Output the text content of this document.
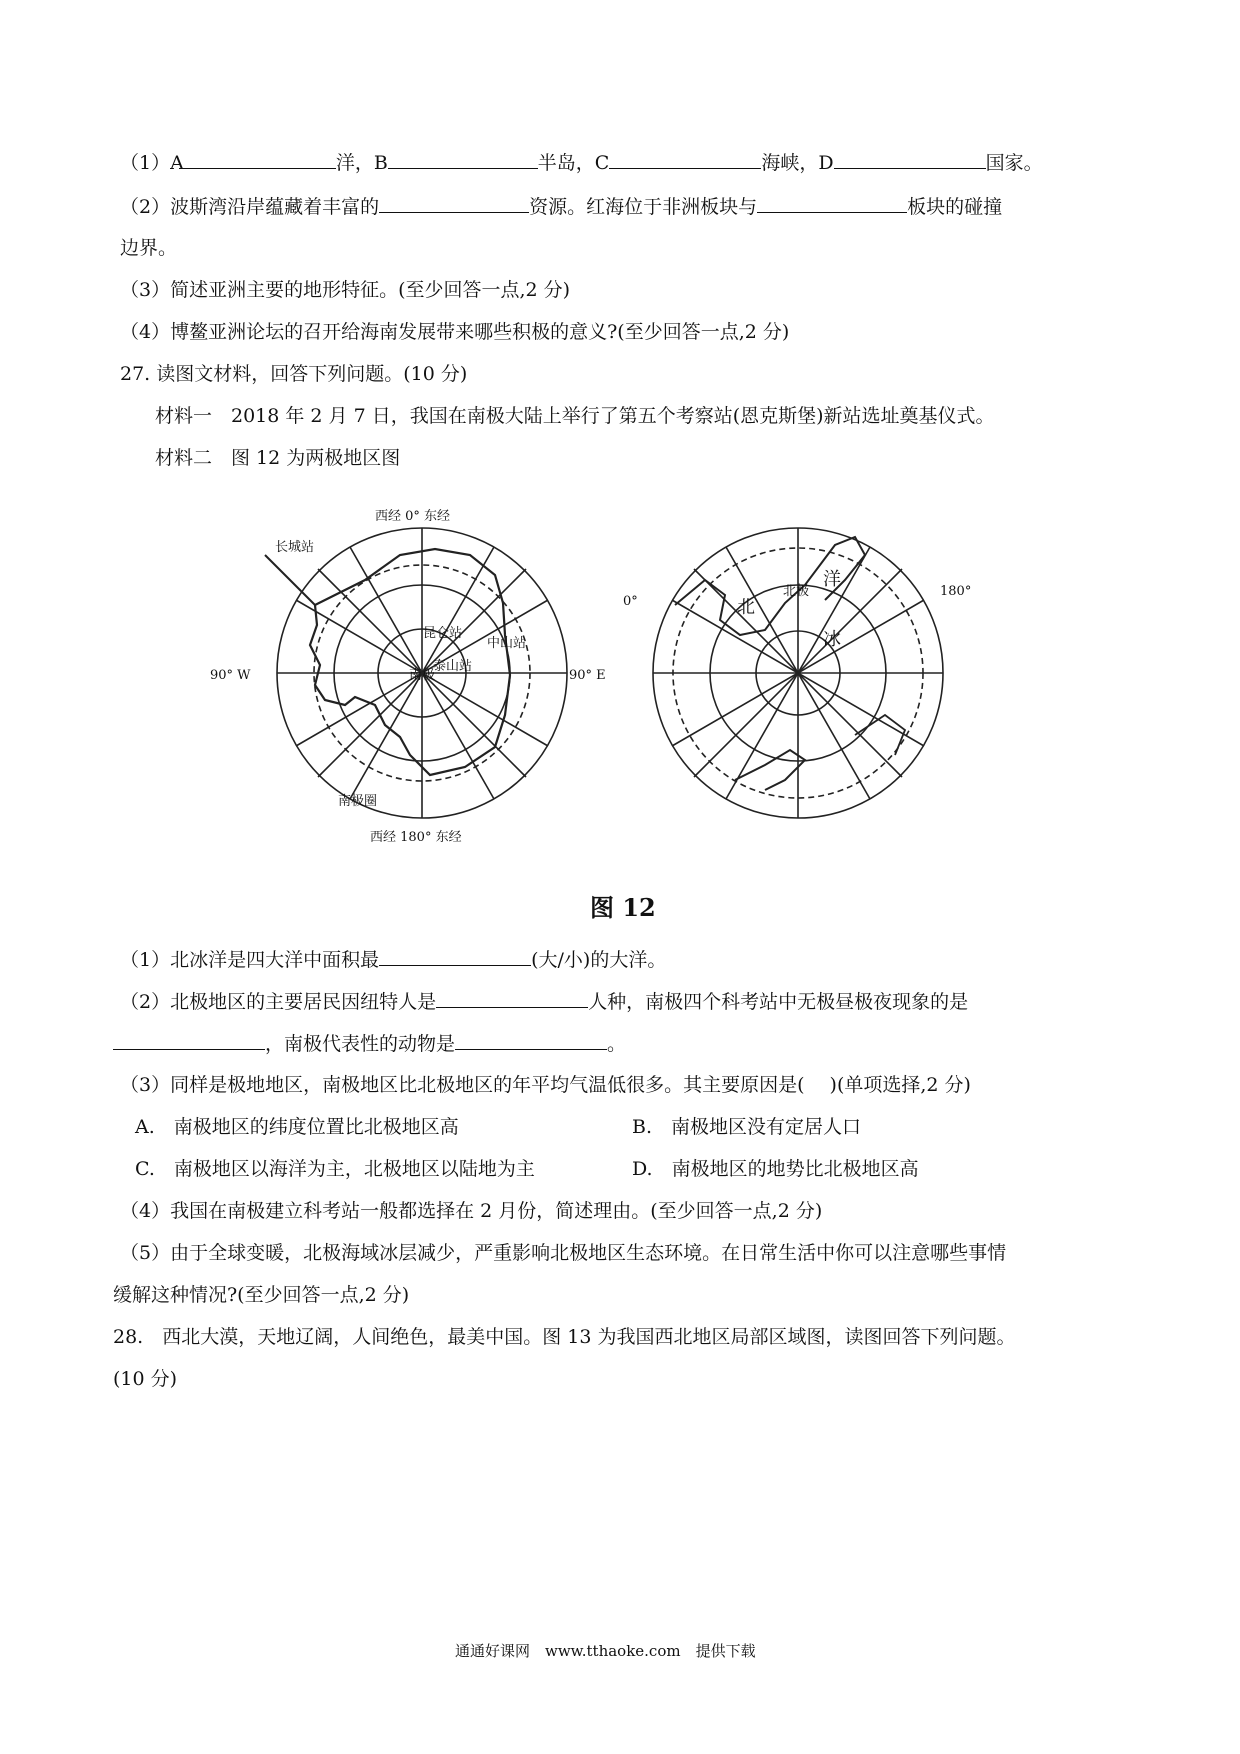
（1）A	洋，B	半岛，C	海峡，D	国家。
（2）波斯湾沿岸蕴藏着丰富的	资源。红海位于非洲板块与	板块的碰撞
边界。
（3）简述亚洲主要的地形特征。(至少回答一点,2 分)
（4）博鳌亚洲论坛的召开给海南发展带来哪些积极的意义?(至少回答一点,2 分)
27. 读图文材料，回答下列问题。(10 分)
材料一　2018 年 2 月 7 日，我国在南极大陆上举行了第五个考察站(恩克斯堡)新站选址奠基仪式。
材料二　图 12 为两极地区图
西经 0° 东经
西经 180° 东经
90° W	90° E
南极
南极圈
长城站
昆仑站
中山站
泰山站
0°
180°
北极
北
洋
冰
图 12
（1）北冰洋是四大洋中面积最	(大/小)的大洋。
（2）北极地区的主要居民因纽特人是	人种，南极四个科考站中无极昼极夜现象的是
，南极代表性的动物是	。
（3）同样是极地地区，南极地区比北极地区的年平均气温低很多。其主要原因是(　 )(单项选择,2 分)
A.　南极地区的纬度位置比北极地区高	B.　南极地区没有定居人口
C.　南极地区以海洋为主，北极地区以陆地为主	D.　南极地区的地势比北极地区高
（4）我国在南极建立科考站一般都选择在 2 月份，简述理由。(至少回答一点,2 分)
（5）由于全球变暖，北极海域冰层减少，严重影响北极地区生态环境。在日常生活中你可以注意哪些事情
缓解这种情况?(至少回答一点,2 分)
28.　西北大漠，天地辽阔，人间绝色，最美中国。图 13 为我国西北地区局部区域图，读图回答下列问题。
(10 分)
通通好课网　www.tthaoke.com　提供下载
